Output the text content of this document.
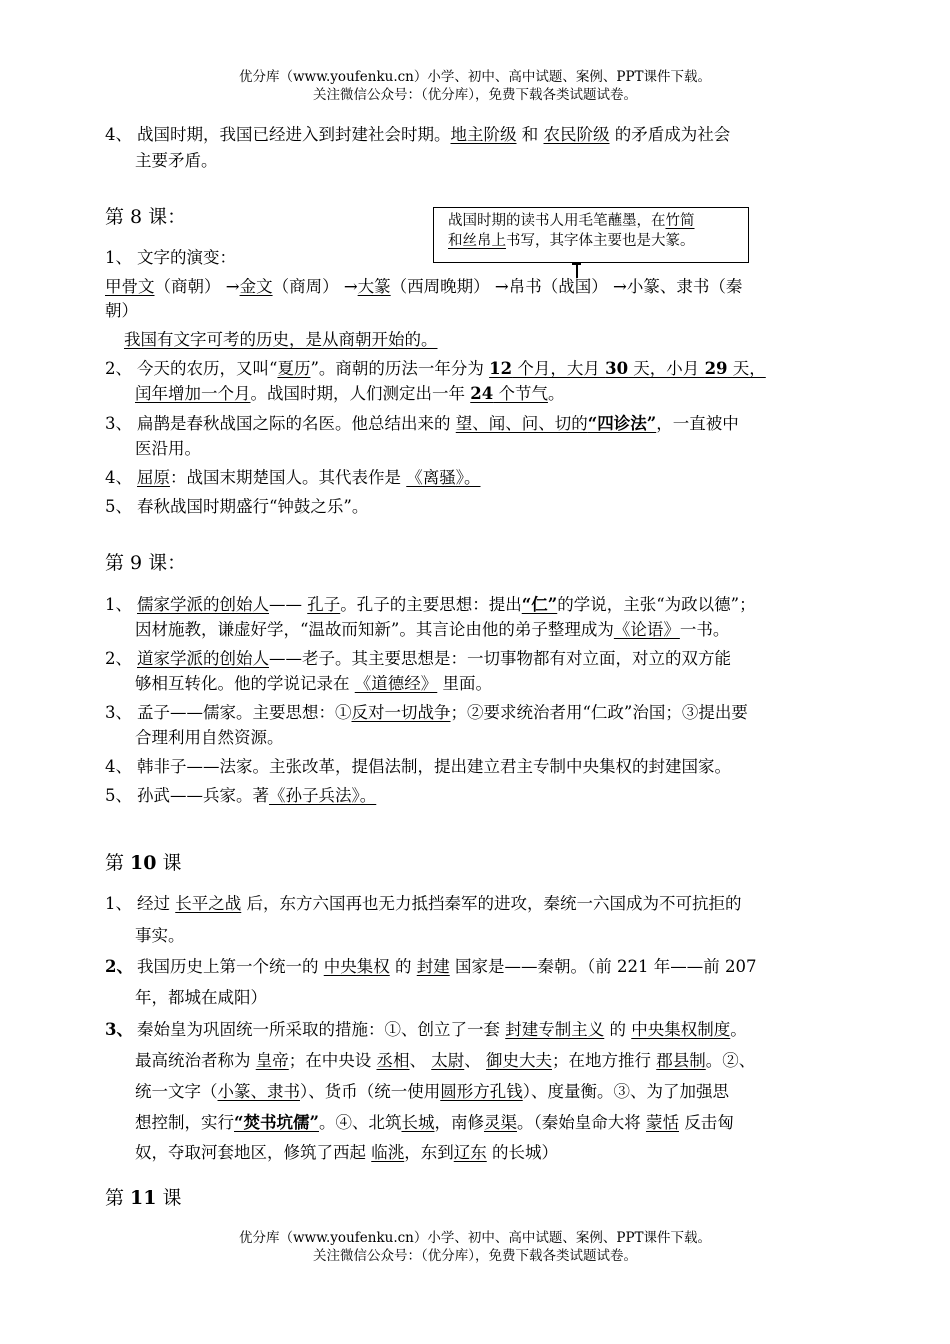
优分库（www.youfenku.cn）小学、初中、高中试题、案例、PPT课件下载。
关注微信公众号：（优分库），免费下载各类试题试卷。
4、 战国时期，我国已经进入到封建社会时期。地主阶级 和 农民阶级 的矛盾成为社会
主要矛盾。
第 8 课：	战国时期的读书人用毛笔蘸墨，在竹简
和丝帛上书写，其字体主要也是大篆。
1、 文字的演变：
甲骨文（商朝） →金文（商周） →大篆（西周晚期） →帛书（战国） →小篆、隶书（秦
朝）
我国有文字可考的历史，是从商朝开始的。
2、 今天的农历，又叫“夏历”。商朝的历法一年分为 12 个月，大月 30 天，小月 29 天，
闰年增加一个月。战国时期，人们测定出一年 24 个节气。
3、 扁鹊是春秋战国之际的名医。他总结出来的 望、闻、问、切的“四诊法”，一直被中
医沿用。
4、 屈原：战国末期楚国人。其代表作是 《离骚》。
5、 春秋战国时期盛行“钟鼓之乐”。
第 9 课：
1、 儒家学派的创始人—— 孔子。孔子的主要思想：提出“仁”的学说，主张“为政以德”；
因材施教，谦虚好学，“温故而知新”。其言论由他的弟子整理成为《论语》一书。
2、 道家学派的创始人——老子。其主要思想是：一切事物都有对立面，对立的双方能
够相互转化。他的学说记录在 《道德经》 里面。
3、 孟子——儒家。主要思想：①反对一切战争；②要求统治者用“仁政”治国；③提出要
合理利用自然资源。
4、 韩非子——法家。主张改革，提倡法制，提出建立君主专制中央集权的封建国家。
5、 孙武——兵家。著《孙子兵法》。
第 10 课
1、 经过 长平之战 后，东方六国再也无力抵挡秦军的进攻，秦统一六国成为不可抗拒的
事实。
2、 我国历史上第一个统一的 中央集权 的 封建 国家是——秦朝。（前 221 年——前 207
年，都城在咸阳）
3、 秦始皇为巩固统一所采取的措施：①、创立了一套 封建专制主义 的 中央集权制度。
最高统治者称为 皇帝；在中央设 丞相、 太尉、 御史大夫；在地方推行 郡县制。②、
统一文字（小篆、隶书）、货币（统一使用圆形方孔钱）、度量衡。③、为了加强思
想控制，实行“焚书坑儒”。④、北筑长城，南修灵渠。（秦始皇命大将 蒙恬 反击匈
奴，夺取河套地区，修筑了西起 临洮，东到辽东 的长城）
第 11 课
优分库（www.youfenku.cn）小学、初中、高中试题、案例、PPT课件下载。
关注微信公众号：（优分库），免费下载各类试题试卷。
